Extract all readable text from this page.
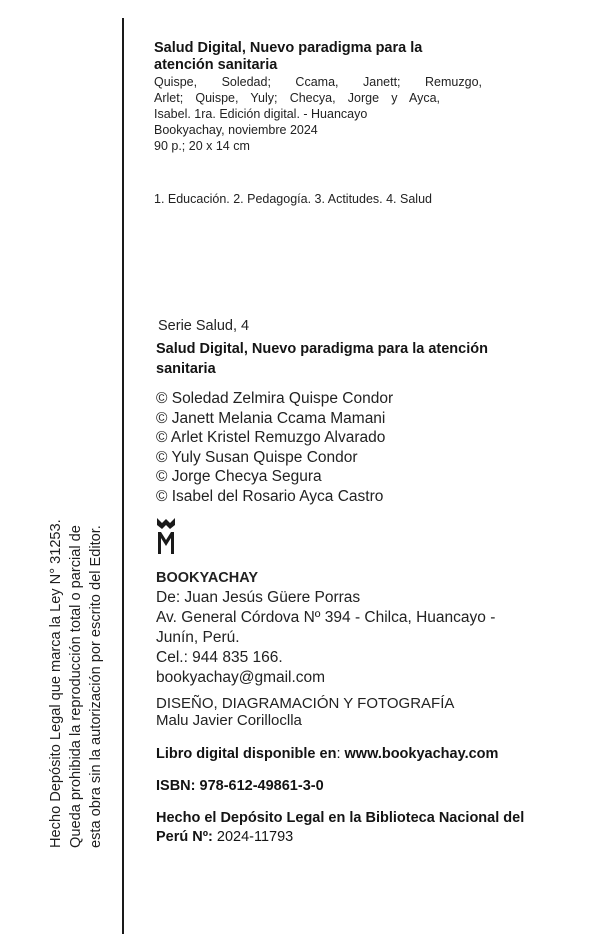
Hecho Depósito Legal que marca la Ley N° 31253. Queda prohibida la reproducción total o parcial de esta obra sin la autorización por escrito del Editor.

Salud Digital, Nuevo paradigma para la atención sanitaria

Quispe, Soledad; Ccama, Janett; Remuzgo,
Arlet; Quispe, Yuly; Checya, Jorge y Ayca,
Isabel. 1ra. Edición digital. - Huancayo
Bookyachay, noviembre 2024
90 p.; 20 x 14 cm
1. Educación. 2. Pedagogía. 3. Actitudes. 4. Salud
Serie Salud, 4

Salud Digital, Nuevo paradigma para la atención sanitaria

© Soledad Zelmira Quispe Condor
© Janett Melania Ccama Mamani
© Arlet Kristel Remuzgo Alvarado
© Yuly Susan Quispe Condor
© Jorge Checya Segura
© Isabel del Rosario Ayca Castro
BOOKYACHAY
De: Juan Jesús Güere Porras
Av. General Córdova Nº 394 - Chilca, Huancayo -
Junín, Perú.
Cel.: 944 835 166.
bookyachay@gmail.com
DISEÑO, DIAGRAMACIÓN Y FOTOGRAFÍA
Malu Javier Corilloclla
Libro digital disponible en: www.bookyachay.com
ISBN: 978-612-49861-3-0
Hecho el Depósito Legal en la Biblioteca Nacional del Perú Nº: 2024-11793
